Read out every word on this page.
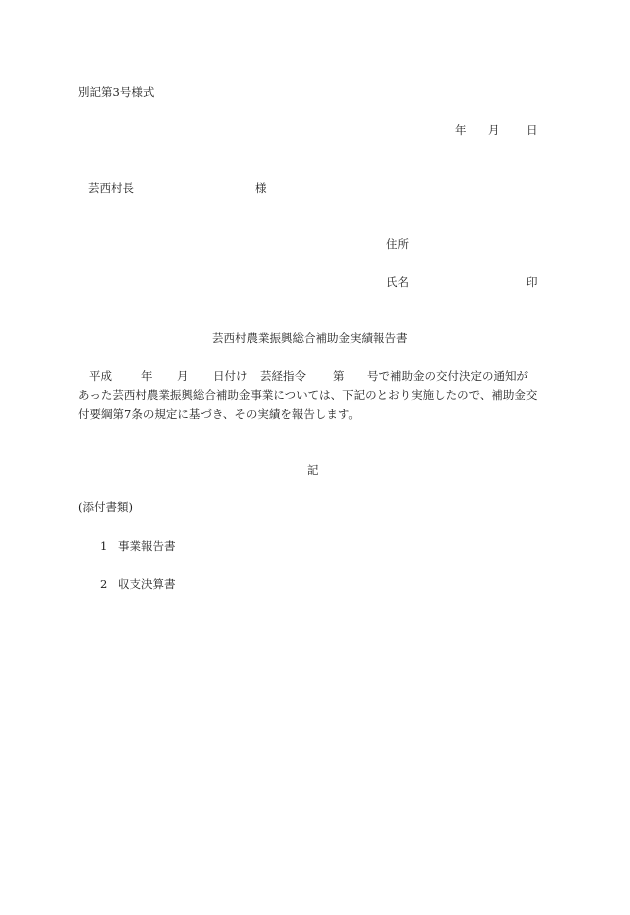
別記第3号様式
年 月 日
芸西村長	様
住所
氏名	印
芸西村農業振興総合補助金実績報告書
平成	年 月 日付け 芸経指令 第 号で補助金の交付決定の通知が
あった芸西村農業振興総合補助金事業については、下記のとおり実施したので、補助金交
付要綱第7条の規定に基づき、その実績を報告します。
記
(添付書類)
1 事業報告書
2 収支決算書
